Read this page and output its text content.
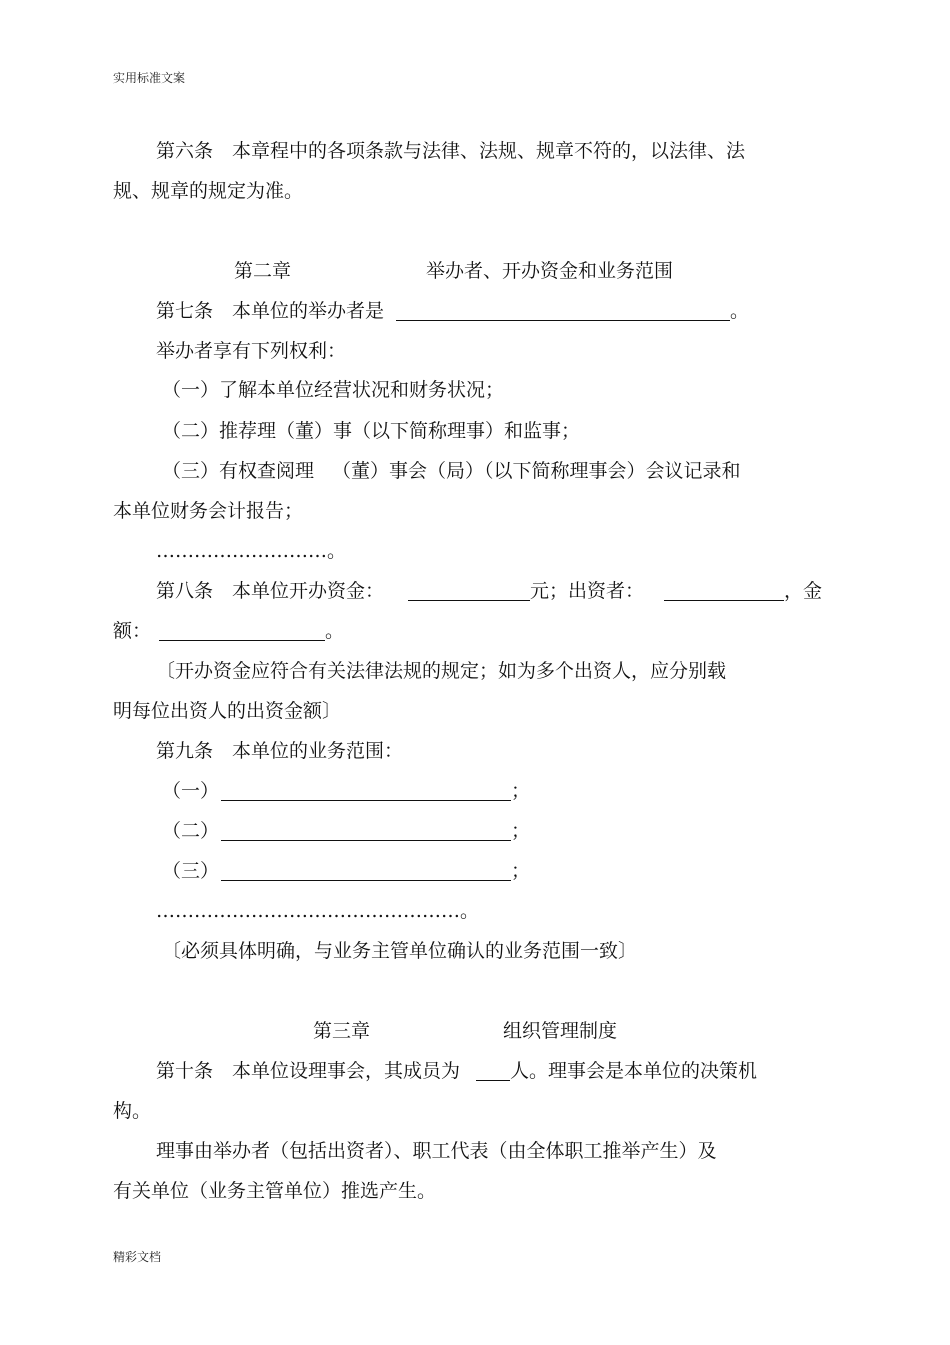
实用标准文案
第六条　本章程中的各项条款与法律、法规、规章不符的，以法律、法
规、规章的规定为准。
第二章	举办者、开办资金和业务范围
第七条　本单位的举办者是	。
举办者享有下列权利：
（一）了解本单位经营状况和财务状况；
（二）推荐理（董）事（以下简称理事）和监事；
（三）有权查阅理 （董）事会（局）（以下简称理事会）会议记录和
本单位财务会计报告；
………………………。
第八条　本单位开办资金：	元；出资者：	，金
额：	。
〔开办资金应符合有关法律法规的规定；如为多个出资人，应分别载
明每位出资人的出资金额〕
第九条　本单位的业务范围：
（一）	；
（二）	；
（三）	；
…………………………………………。
〔必须具体明确，与业务主管单位确认的业务范围一致〕
第三章	组织管理制度
第十条　本单位设理事会，其成员为	人。理事会是本单位的决策机
构。
理事由举办者（包括出资者）、职工代表（由全体职工推举产生）及
有关单位（业务主管单位）推选产生。
精彩文档
